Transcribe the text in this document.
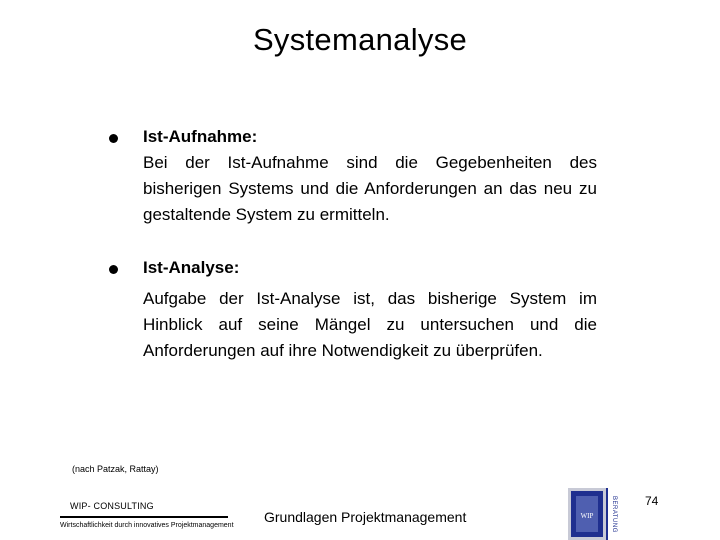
Systemanalyse
Ist-Aufnahme:
Bei der Ist-Aufnahme sind die Gegebenheiten des bisherigen Systems und die Anforderungen an das neu zu gestaltende System zu ermitteln.
Ist-Analyse:
Aufgabe der Ist-Analyse ist, das bisherige System im Hinblick auf seine Mängel zu untersuchen und die Anforderungen auf ihre Notwendigkeit zu überprüfen.
(nach Patzak, Rattay)
WIP- CONSULTING
Wirtschaftlichkeit durch innovatives Projektmanagement
Grundlagen Projektmanagement
74
WIP	BERATUNG
